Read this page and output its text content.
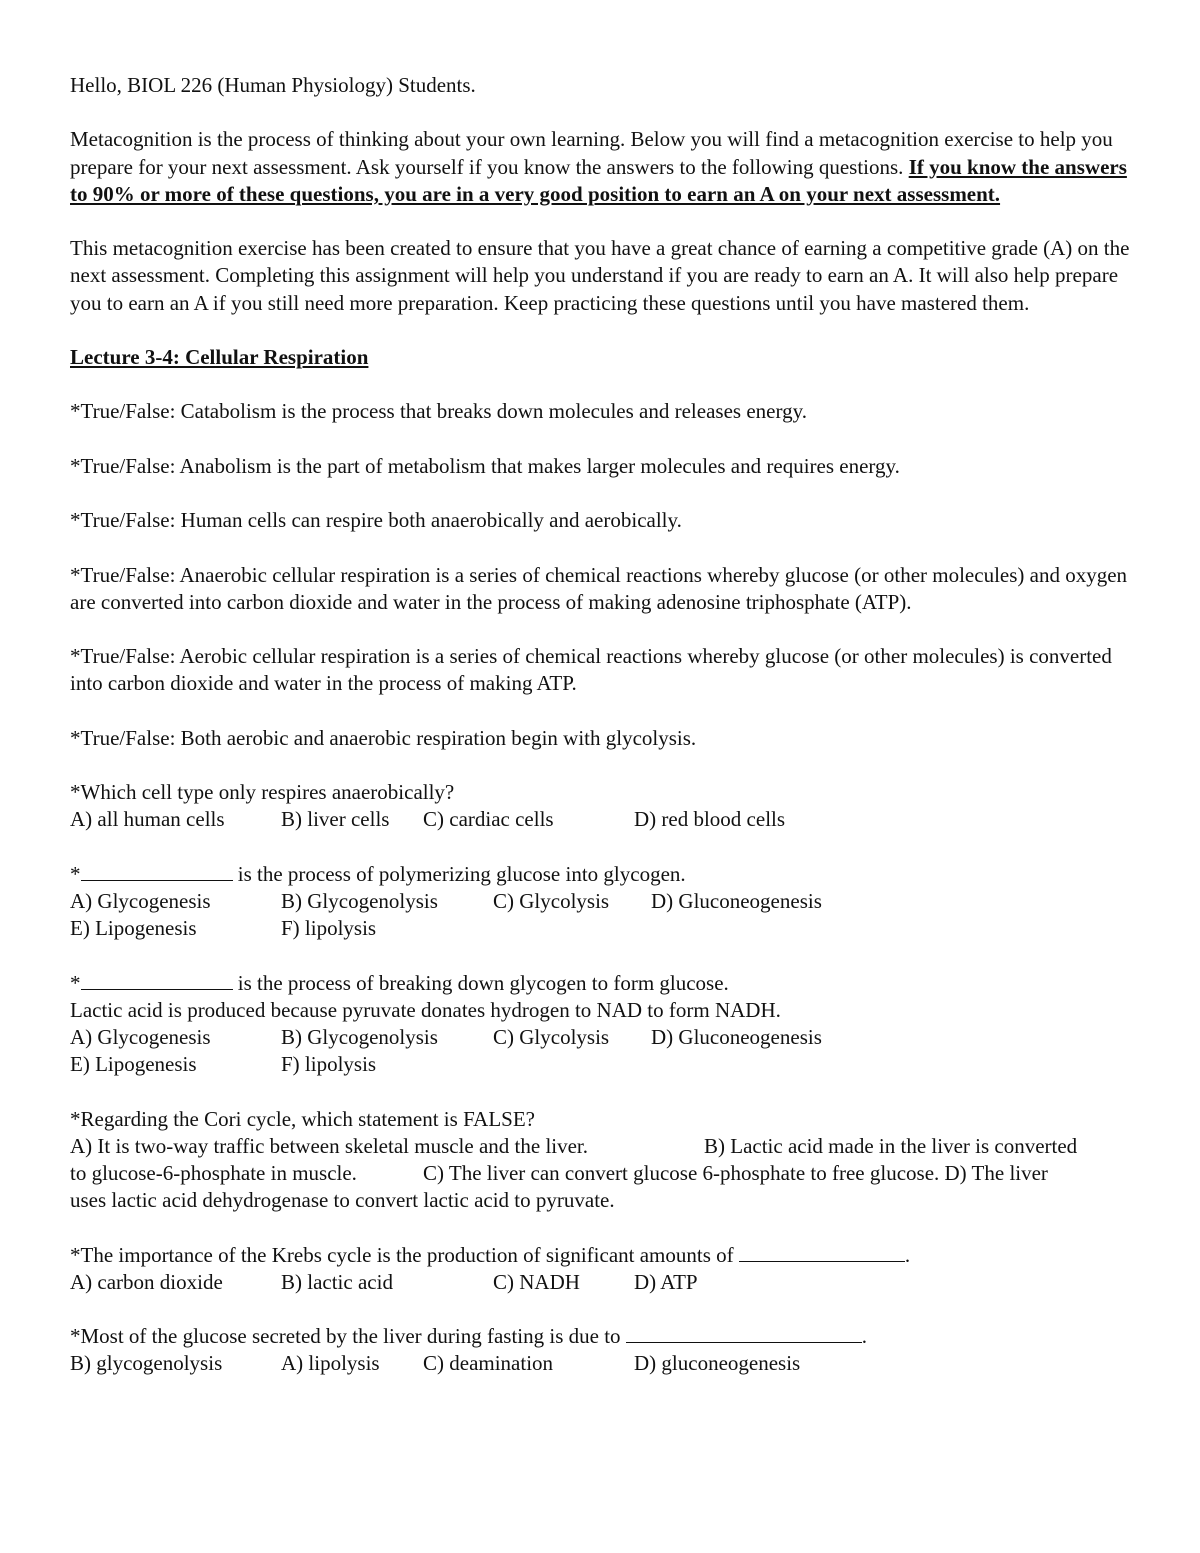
Hello, BIOL 226 (Human Physiology) Students.

Metacognition is the process of thinking about your own learning. Below you will find a metacognition exercise to help you prepare for your next assessment. Ask yourself if you know the answers to the following questions. If you know the answers to 90% or more of these questions, you are in a very good position to earn an A on your next assessment.

This metacognition exercise has been created to ensure that you have a great chance of earning a competitive grade (A) on the next assessment. Completing this assignment will help you understand if you are ready to earn an A. It will also help prepare you to earn an A if you still need more preparation. Keep practicing these questions until you have mastered them.

Lecture 3-4: Cellular Respiration

*True/False: Catabolism is the process that breaks down molecules and releases energy.

*True/False: Anabolism is the part of metabolism that makes larger molecules and requires energy.

*True/False: Human cells can respire both anaerobically and aerobically.

*True/False: Anaerobic cellular respiration is a series of chemical reactions whereby glucose (or other molecules) and oxygen are converted into carbon dioxide and water in the process of making adenosine triphosphate (ATP).

*True/False: Aerobic cellular respiration is a series of chemical reactions whereby glucose (or other molecules) is converted into carbon dioxide and water in the process of making ATP.

*True/False: Both aerobic and anaerobic respiration begin with glycolysis.

*Which cell type only respires anaerobically?
A) all human cells	B) liver cells C) cardiac cells	D) red blood cells
*	is the process of polymerizing glucose into glycogen.
A) Glycogenesis	B) Glycogenolysis	C) Glycolysis D) Gluconeogenesis
E) Lipogenesis	F) lipolysis
*	is the process of breaking down glycogen to form glucose.
Lactic acid is produced because pyruvate donates hydrogen to NAD to form NADH.
A) Glycogenesis	B) Glycogenolysis	C) Glycolysis D) Gluconeogenesis
E) Lipogenesis	F) lipolysis
*Regarding the Cori cycle, which statement is FALSE?
A) It is two-way traffic between skeletal muscle and the liver.	B) Lactic acid made in the liver is converted
to glucose-6-phosphate in muscle.	C) The liver can convert glucose 6-phosphate to free glucose. D) The liver
uses lactic acid dehydrogenase to convert lactic acid to pyruvate.
*The importance of the Krebs cycle is the production of significant amounts of	.
A) carbon dioxide	B) lactic acid	C) NADH	D) ATP
*Most of the glucose secreted by the liver during fasting is due to	.
B) glycogenolysis	A) lipolysis C) deamination	D) gluconeogenesis
